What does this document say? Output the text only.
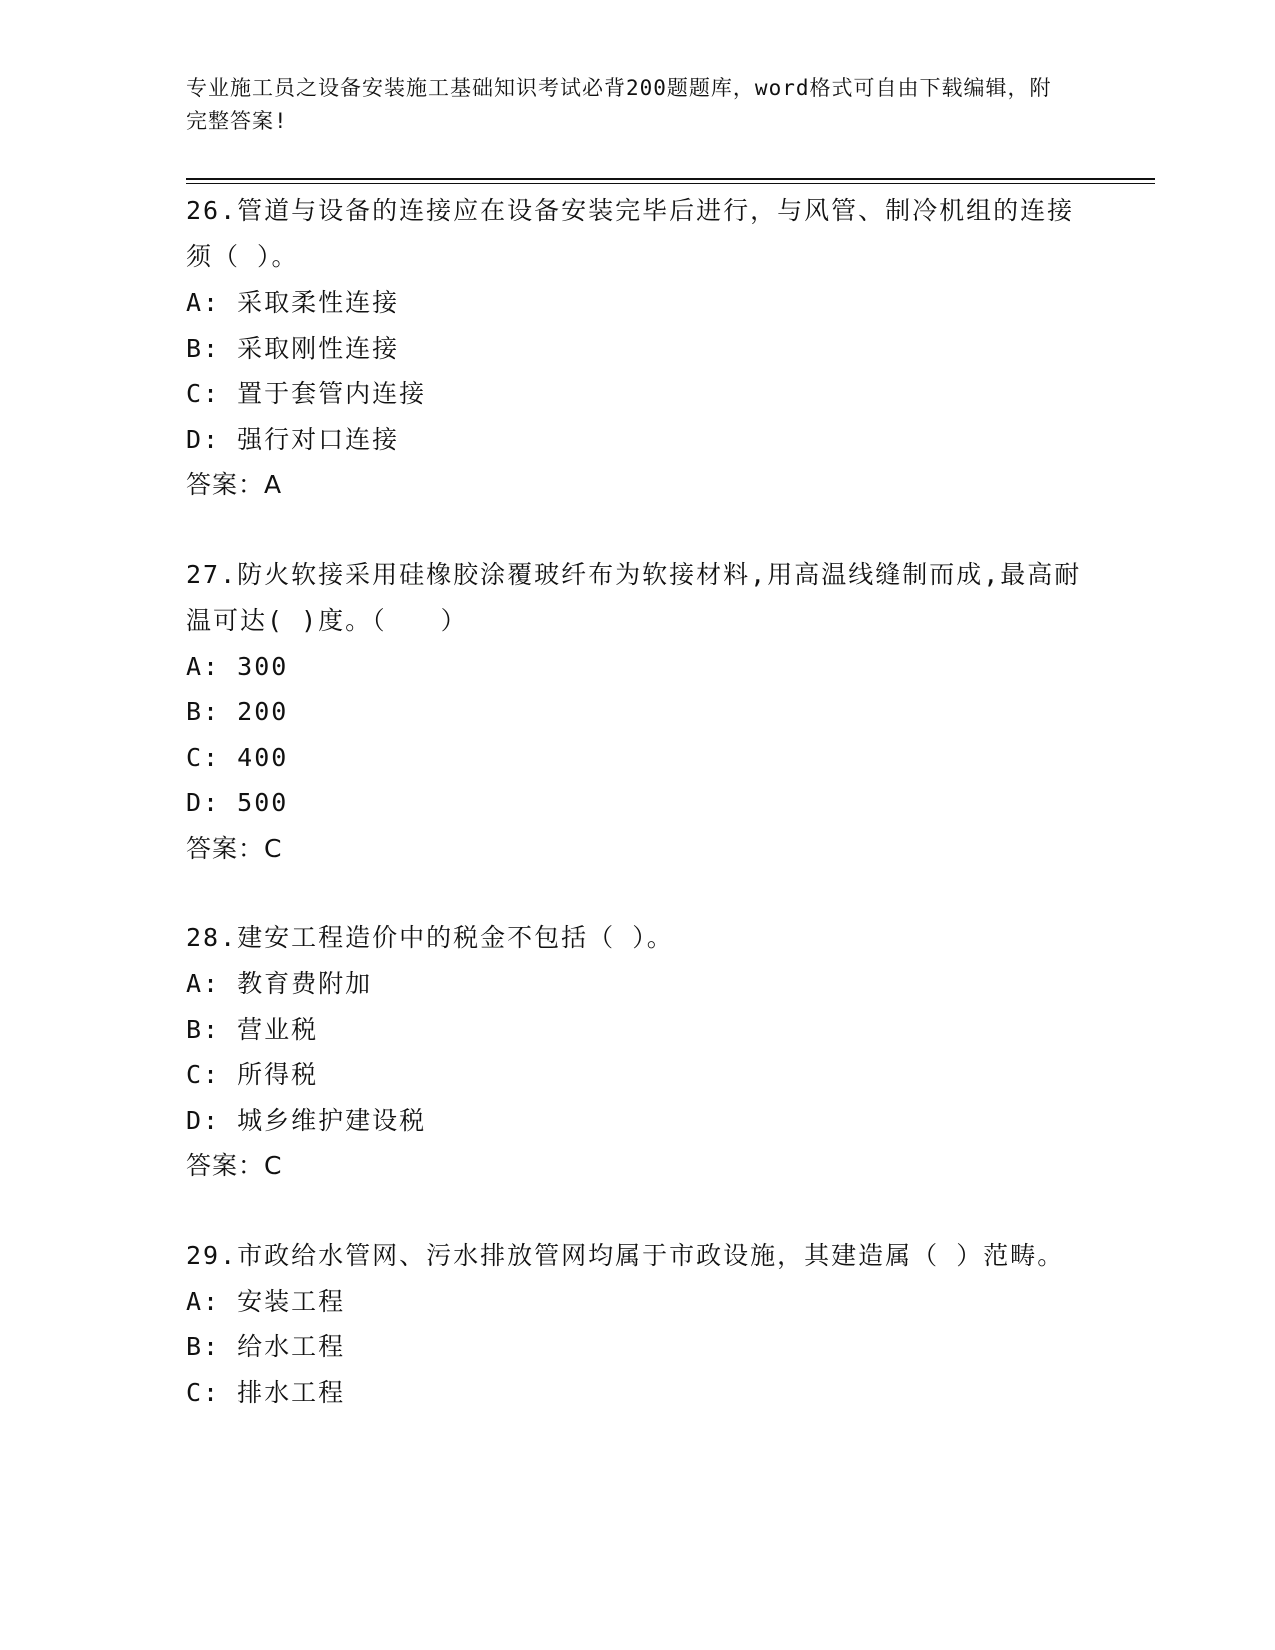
专业施工员之设备安装施工基础知识考试必背200题题库，word格式可自由下载编辑，附完整答案!

26.管道与设备的连接应在设备安装完毕后进行，与风管、制冷机组的连接须（ ）。

A: 采取柔性连接

B: 采取刚性连接

C: 置于套管内连接

D: 强行对口连接

答案：A

27.防火软接采用硅橡胶涂覆玻纤布为软接材料,用高温线缝制而成,最高耐温可达( )度。（　　）

A: 300

B: 200

C: 400

D: 500

答案：C

28.建安工程造价中的税金不包括（ ）。

A: 教育费附加

B: 营业税

C: 所得税

D: 城乡维护建设税

答案：C

29.市政给水管网、污水排放管网均属于市政设施，其建造属（ ）范畴。

A: 安装工程

B: 给水工程

C: 排水工程
